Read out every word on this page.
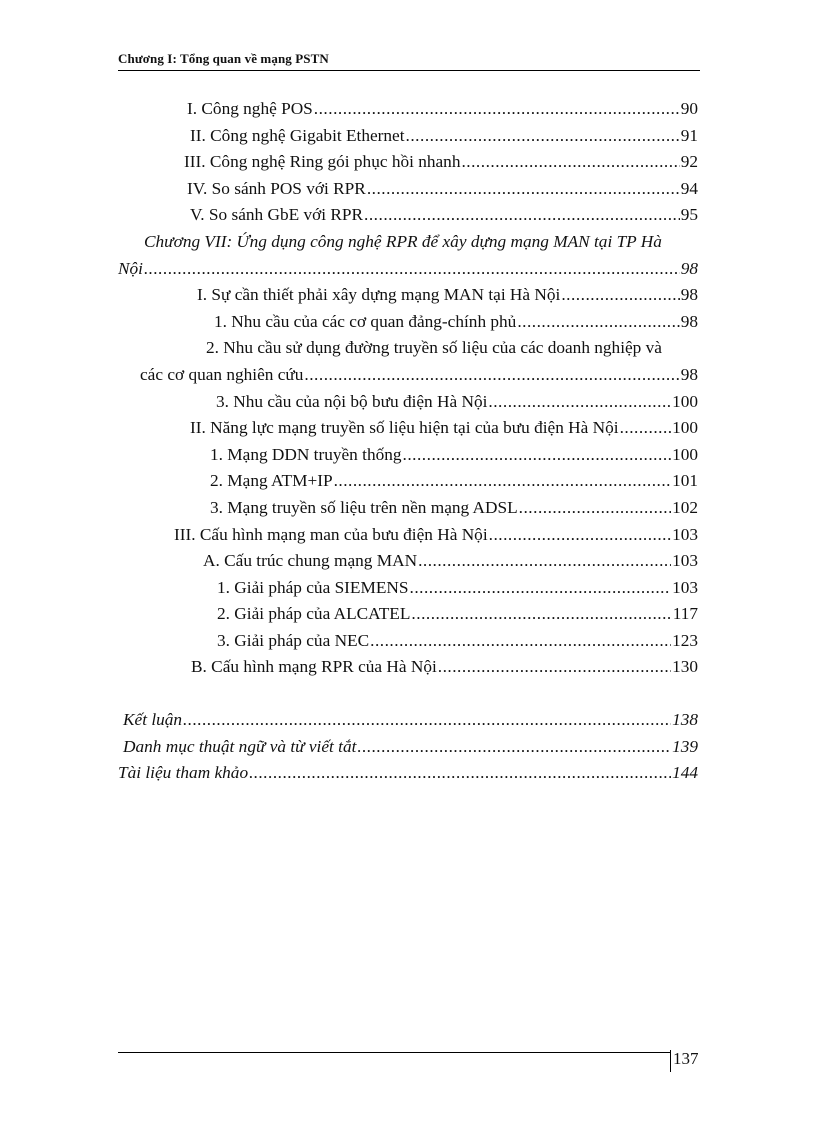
Chương I: Tổng quan về mạng PSTN
I. Công nghệ POS .....	90
II. Công nghệ Gigabit Ethernet .....	91
III. Công nghệ Ring gói phục hồi nhanh .....	92
IV. So sánh POS với RPR .....	94
V. So sánh GbE với RPR .....	95
Chương VII: Ứng dụng công nghệ RPR để xây dựng mạng MAN tại TP Hà
Nội .....	98
I. Sự cần thiết phải xây dựng mạng MAN tại Hà Nội .....	98
1. Nhu cầu của các cơ quan đảng-chính phủ .....	98
2. Nhu cầu sử dụng đường truyền số liệu của các doanh nghiệp và
các cơ quan nghiên cứu .....	98
3. Nhu cầu của nội bộ bưu điện Hà Nội .....	100
II. Năng lực mạng truyền số liệu hiện tại của bưu điện Hà Nội .....	100
1. Mạng DDN truyền thống .....	100
2. Mạng ATM+IP .....	101
3. Mạng truyền số liệu trên nền mạng ADSL .....	102
III. Cấu hình mạng man của bưu điện Hà Nội .....	103
A. Cấu trúc chung mạng MAN .....	103
1. Giải pháp của SIEMENS .....	103
2. Giải pháp của ALCATEL .....	117
3. Giải pháp của NEC .....	123
B. Cấu hình mạng RPR của Hà Nội .....	130
Kết luận .....	138
Danh mục thuật ngữ và từ viết tắt .....	139
Tài liệu tham khảo .....	144
137
